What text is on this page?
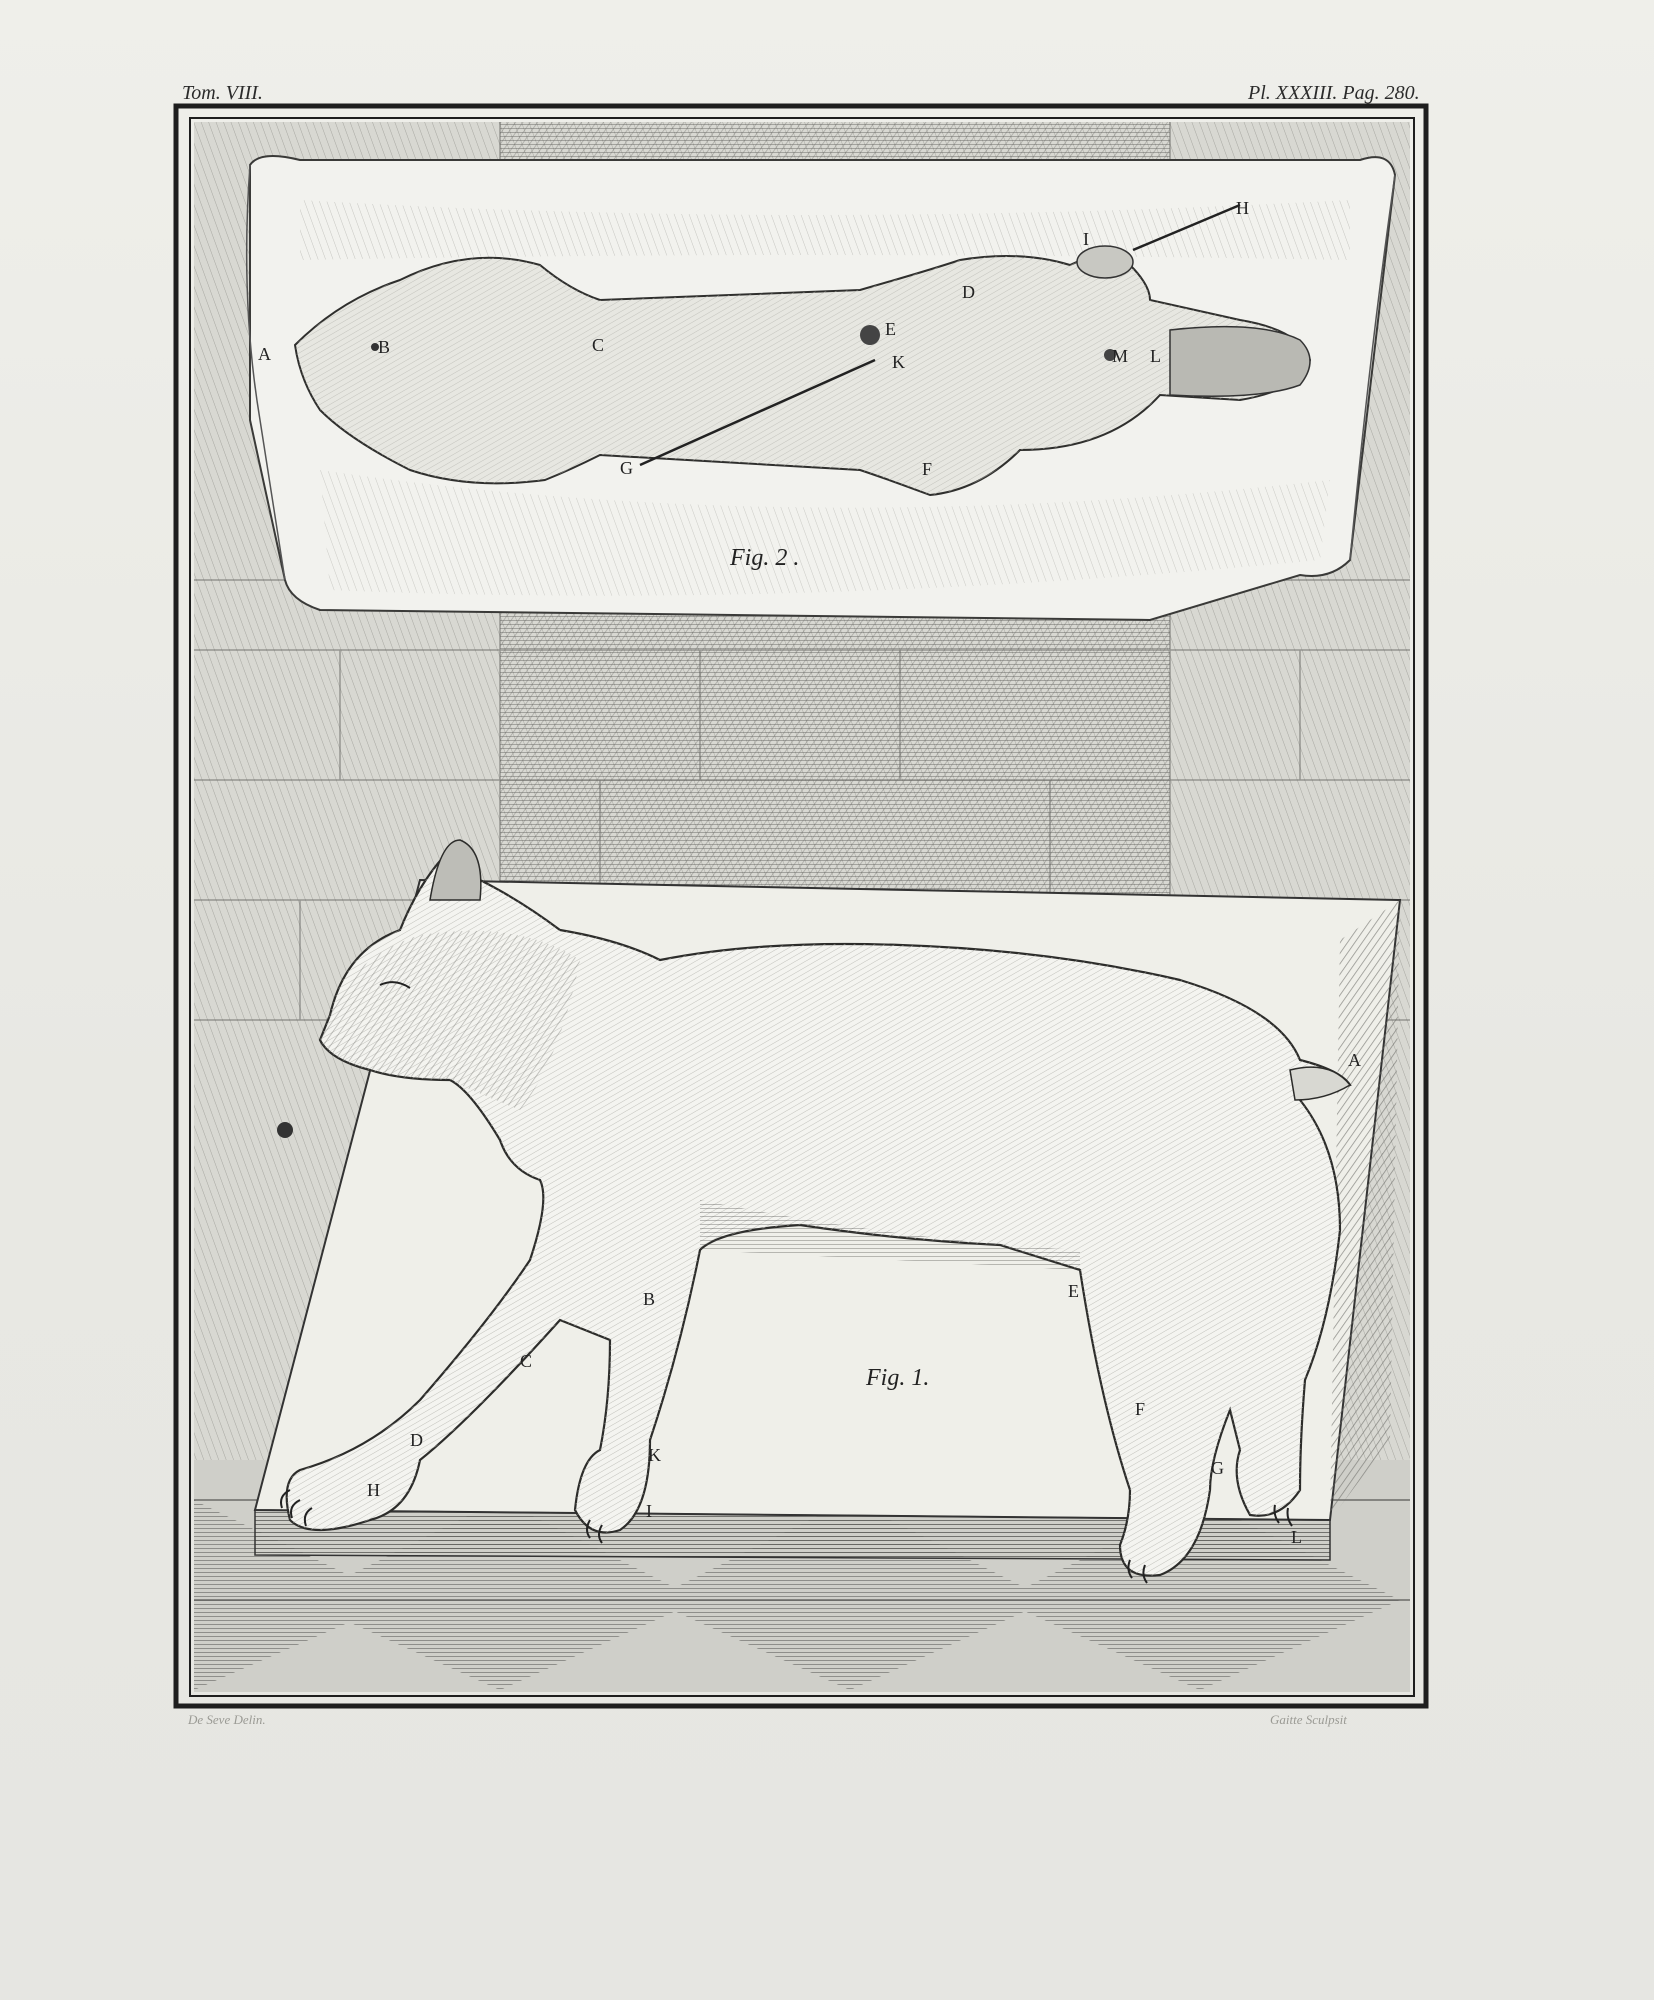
Tom. VIII.	Pl. XXXIII. Pag. 280.
A	B	C
D
E
F
G
H
I
K	L
M
Fig. 2 .
A
B
C
D
E
F
G
H
I
K
L
Fig. 1.
De Seve Delin.	Gaitte Sculpsit
